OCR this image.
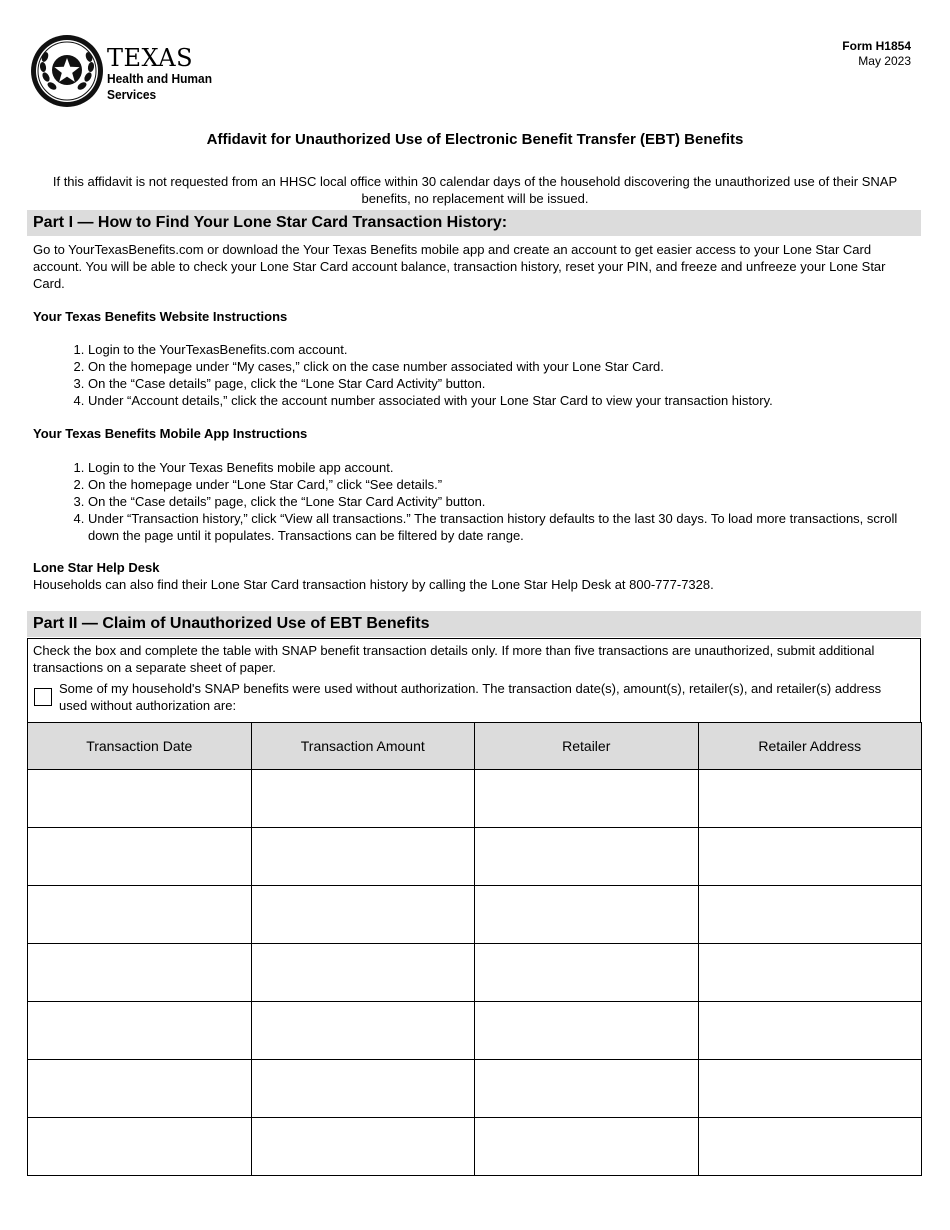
TEXAS
Health and Human
Services
Form H1854
May 2023
Affidavit for Unauthorized Use of Electronic Benefit Transfer (EBT) Benefits
If this affidavit is not requested from an HHSC local office within 30 calendar days of the household discovering the unauthorized use of their SNAP benefits, no replacement will be issued.
Part I — How to Find Your Lone Star Card Transaction History:
Go to YourTexasBenefits.com or download the Your Texas Benefits mobile app and create an account to get easier access to your Lone Star Card account. You will be able to check your Lone Star Card account balance, transaction history, reset your PIN, and freeze and unfreeze your Lone Star Card.
Your Texas Benefits Website Instructions
1. Login to the YourTexasBenefits.com account.
2. On the homepage under “My cases,” click on the case number associated with your Lone Star Card.
3. On the “Case details” page, click the “Lone Star Card Activity” button.
4. Under “Account details,” click the account number associated with your Lone Star Card to view your transaction history.
Your Texas Benefits Mobile App Instructions
1. Login to the Your Texas Benefits mobile app account.
2. On the homepage under “Lone Star Card,” click “See details.”
3. On the “Case details” page, click the “Lone Star Card Activity” button.
4. Under “Transaction history,” click “View all transactions.” The transaction history defaults to the last 30 days. To load more transactions, scroll down the page until it populates. Transactions can be filtered by date range.
Lone Star Help Desk
Households can also find their Lone Star Card transaction history by calling the Lone Star Help Desk at 800-777-7328.
Part II — Claim of Unauthorized Use of EBT Benefits
Check the box and complete the table with SNAP benefit transaction details only. If more than five transactions are unauthorized, submit additional transactions on a separate sheet of paper.
Some of my household's SNAP benefits were used without authorization. The transaction date(s), amount(s), retailer(s), and retailer(s) address used without authorization are:
Transaction Date	Transaction Amount	Retailer	Retailer Address
